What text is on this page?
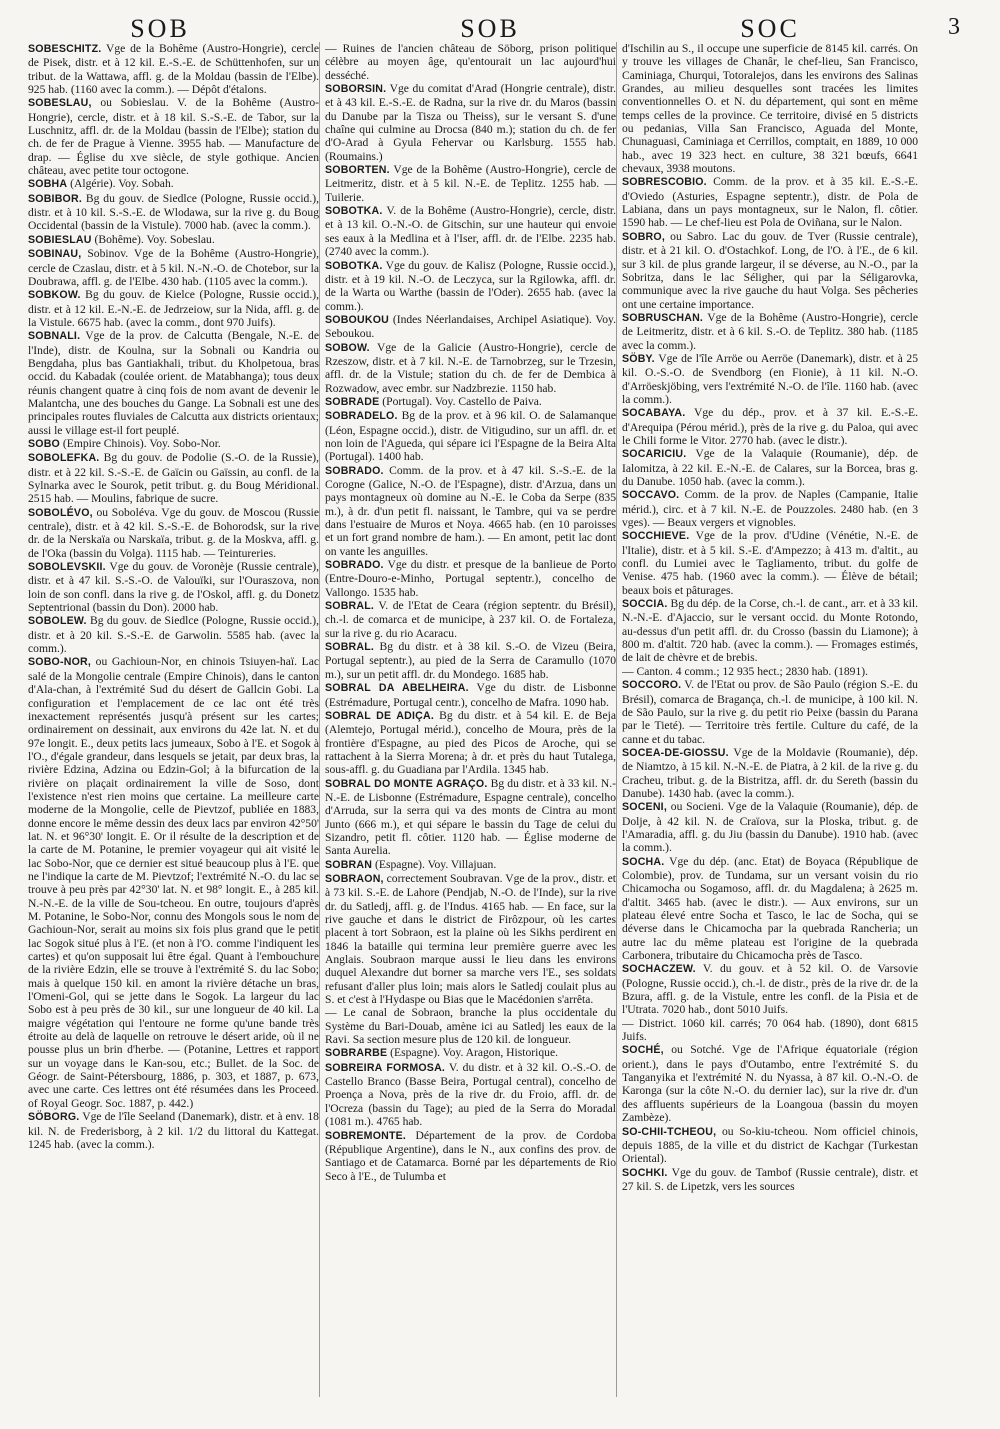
SOB	SOB	SOC	3

SOBESCHITZ. Vge de la Bohême (Austro-Hongrie), cercle de Pisek, distr. et à 12 kil. E.-S.-E. de Schüttenhofen, sur un tribut. de la Wattawa, affl. g. de la Moldau (bassin de l'Elbe). 925 hab. (1160 avec la comm.). — Dépôt d'étalons.

SOBESLAU, ou Sobieslau. V. de la Bohême (Austro-Hongrie), cercle, distr. et à 18 kil. S.-S.-E. de Tabor, sur la Luschnitz, affl. dr. de la Moldau (bassin de l'Elbe); station du ch. de fer de Prague à Vienne. 3955 hab. — Manufacture de drap. — Église du xve siècle, de style gothique. Ancien château, avec petite tour octogone.

SOBHA (Algérie). Voy. Sobah.

SOBIBOR. Bg du gouv. de Siedlce (Pologne, Russie occid.), distr. et à 10 kil. S.-S.-E. de Wlodawa, sur la rive g. du Boug Occidental (bassin de la Vistule). 7000 hab. (avec la comm.).

SOBIESLAU (Bohême). Voy. Sobeslau.

SOBINAU, Sobinov. Vge de la Bohême (Austro-Hongrie), cercle de Czaslau, distr. et à 5 kil. N.-N.-O. de Chotebor, sur la Doubrawa, affl. g. de l'Elbe. 430 hab. (1105 avec la comm.).

SOBKOW. Bg du gouv. de Kielce (Pologne, Russie occid.), distr. et à 12 kil. E.-N.-E. de Jedrzeiow, sur la Nida, affl. g. de la Vistule. 6675 hab. (avec la comm., dont 970 Juifs).

SOBNALI. Vge de la prov. de Calcutta (Bengale, N.-E. de l'Inde), distr. de Koulna, sur la Sobnali ou Kandria ou Bengdaha, plus bas Gantiakhali, tribut. du Kholpetoua, bras occid. du Kabadak (coulée orient. de Matabhanga); tous deux réunis changent quatre à cinq fois de nom avant de devenir le Malantcha, une des bouches du Gange. La Sobnali est une des principales routes fluviales de Calcutta aux districts orientaux; aussi le village est-il fort peuplé.

SOBO (Empire Chinois). Voy. Sobo-Nor.

SOBOLEFKA. Bg du gouv. de Podolie (S.-O. de la Russie), distr. et à 22 kil. S.-S.-E. de Gaïcin ou Gaïssin, au confl. de la Sylnarka avec le Sourok, petit tribut. g. du Boug Méridional. 2515 hab. — Moulins, fabrique de sucre.

SOBOLÉVO, ou Soboléva. Vge du gouv. de Moscou (Russie centrale), distr. et à 42 kil. S.-S.-E. de Bohorodsk, sur la rive dr. de la Nerskaïa ou Narskaïa, tribut. g. de la Moskva, affl. g. de l'Oka (bassin du Volga). 1115 hab. — Teintureries.

SOBOLEVSKII. Vge du gouv. de Voronèje (Russie centrale), distr. et à 47 kil. S.-S.-O. de Valouïki, sur l'Ouraszova, non loin de son confl. dans la rive g. de l'Oskol, affl. g. du Donetz Septentrional (bassin du Don). 2000 hab.

SOBOLEW. Bg du gouv. de Siedlce (Pologne, Russie occid.), distr. et à 20 kil. S.-S.-E. de Garwolin. 5585 hab. (avec la comm.).

SOBO-NOR, ou Gachioun-Nor, en chinois Tsiuyen-haï. Lac salé de la Mongolie centrale (Empire Chinois), dans le canton d'Ala-chan, à l'extrémité Sud du désert de Gallcin Gobi. La configuration et l'emplacement de ce lac ont été très inexactement représentés jusqu'à présent sur les cartes; ordinairement on dessinait, aux environs du 42e lat. N. et du 97e longit. E., deux petits lacs jumeaux, Sobo à l'E. et Sogok à l'O., d'égale grandeur, dans lesquels se jetait, par deux bras, la rivière Edzina, Adzina ou Edzin-Gol; à la bifurcation de la rivière on plaçait ordinairement la ville de Soso, dont l'existence n'est rien moins que certaine. La meilleure carte moderne de la Mongolie, celle de Pievtzof, publiée en 1883, donne encore le même dessin des deux lacs par environ 42°50' lat. N. et 96°30' longit. E. Or il résulte de la description et de la carte de M. Potanine, le premier voyageur qui ait visité le lac Sobo-Nor, que ce dernier est situé beaucoup plus à l'E. que ne l'indique la carte de M. Pievtzof; l'extrémité N.-O. du lac se trouve à peu près par 42°30' lat. N. et 98° longit. E., à 285 kil. N.-N.-E. de la ville de Sou-tcheou. En outre, toujours d'après M. Potanine, le Sobo-Nor, connu des Mongols sous le nom de Gachioun-Nor, serait au moins six fois plus grand que le petit lac Sogok situé plus à l'E. (et non à l'O. comme l'indiquent les cartes) et qu'on supposait lui être égal. Quant à l'embouchure de la rivière Edzin, elle se trouve à l'extrémité S. du lac Sobo; mais à quelque 150 kil. en amont la rivière détache un bras, l'Omeni-Gol, qui se jette dans le Sogok. La largeur du lac Sobo est à peu près de 30 kil., sur une longueur de 40 kil. La maigre végétation qui l'entoure ne forme qu'une bande très étroite au delà de laquelle on retrouve le désert aride, où il ne pousse plus un brin d'herbe. — (Potanine, Lettres et rapport sur un voyage dans le Kan-sou, etc.; Bullet. de la Soc. de Géogr. de Saint-Pétersbourg, 1886, p. 303, et 1887, p. 673, avec une carte. Ces lettres ont été résumées dans les Proceed. of Royal Geogr. Soc. 1887, p. 442.)

SÖBORG. Vge de l'île Seeland (Danemark), distr. et à env. 18 kil. N. de Frederisborg, à 2 kil. 1/2 du littoral du Kattegat. 1245 hab. (avec la comm.).

— Ruines de l'ancien château de Söborg, prison politique célèbre au moyen âge, qu'entourait un lac aujourd'hui desséché.

SOBORSIN. Vge du comitat d'Arad (Hongrie centrale), distr. et à 43 kil. E.-S.-E. de Radna, sur la rive dr. du Maros (bassin du Danube par la Tisza ou Theiss), sur le versant S. d'une chaîne qui culmine au Drocsa (840 m.); station du ch. de fer d'O-Arad à Gyula Fehervar ou Karlsburg. 1555 hab. (Roumains.)

SOBORTEN. Vge de la Bohême (Austro-Hongrie), cercle de Leitmeritz, distr. et à 5 kil. N.-E. de Teplitz. 1255 hab. — Tuilerie.

SOBOTKA. V. de la Bohême (Austro-Hongrie), cercle, distr. et à 13 kil. O.-N.-O. de Gitschin, sur une hauteur qui envoie ses eaux à la Medlina et à l'Iser, affl. dr. de l'Elbe. 2235 hab. (2740 avec la comm.).

SOBOTKA. Vge du gouv. de Kalisz (Pologne, Russie occid.), distr. et à 19 kil. N.-O. de Leczyca, sur la Rgilowka, affl. dr. de la Warta ou Warthe (bassin de l'Oder). 2655 hab. (avec la comm.).

SOBOUKOU (Indes Néerlandaises, Archipel Asiatique). Voy. Seboukou.

SOBOW. Vge de la Galicie (Austro-Hongrie), cercle de Rzeszow, distr. et à 7 kil. N.-E. de Tarnobrzeg, sur le Trzesin, affl. dr. de la Vistule; station du ch. de fer de Dembica à Rozwadow, avec embr. sur Nadzbrezie. 1150 hab.

SOBRADE (Portugal). Voy. Castello de Paiva.

SOBRADELO. Bg de la prov. et à 96 kil. O. de Salamanque (Léon, Espagne occid.), distr. de Vitigudino, sur un affl. dr. et non loin de l'Agueda, qui sépare ici l'Espagne de la Beira Alta (Portugal). 1400 hab.

SOBRADO. Comm. de la prov. et à 47 kil. S.-S.-E. de la Corogne (Galice, N.-O. de l'Espagne), distr. d'Arzua, dans un pays montagneux où domine au N.-E. le Coba da Serpe (835 m.), à dr. d'un petit fl. naissant, le Tambre, qui va se perdre dans l'estuaire de Muros et Noya. 4665 hab. (en 10 paroisses et un fort grand nombre de ham.). — En amont, petit lac dont on vante les anguilles.

SOBRADO. Vge du distr. et presque de la banlieue de Porto (Entre-Douro-e-Minho, Portugal septentr.), concelho de Vallongo. 1535 hab.

SOBRAL. V. de l'Etat de Ceara (région septentr. du Brésil), ch.-l. de comarca et de municipe, à 237 kil. O. de Fortaleza, sur la rive g. du rio Acaracu.

SOBRAL. Bg du distr. et à 38 kil. S.-O. de Vizeu (Beira, Portugal septentr.), au pied de la Serra de Caramullo (1070 m.), sur un petit affl. dr. du Mondego. 1685 hab.

SOBRAL DA ABELHEIRA. Vge du distr. de Lisbonne (Estrémadure, Portugal centr.), concelho de Mafra. 1090 hab.

SOBRAL DE ADIÇA. Bg du distr. et à 54 kil. E. de Beja (Alemtejo, Portugal mérid.), concelho de Moura, près de la frontière d'Espagne, au pied des Picos de Aroche, qui se rattachent à la Sierra Morena; à dr. et près du haut Tutalega, sous-affl. g. du Guadiana par l'Ardila. 1345 hab.

SOBRAL DO MONTE AGRAÇO. Bg du distr. et à 33 kil. N.-N.-E. de Lisbonne (Estrémadure, Espagne centrale), concelho d'Arruda, sur la serra qui va des monts de Cintra au mont Junto (666 m.), et qui sépare le bassin du Tage de celui du Sizandro, petit fl. côtier. 1120 hab. — Église moderne de Santa Aurelia.

SOBRAN (Espagne). Voy. Villajuan.

SOBRAON, correctement Soubravan. Vge de la prov., distr. et à 73 kil. S.-E. de Lahore (Pendjab, N.-O. de l'Inde), sur la rive dr. du Satledj, affl. g. de l'Indus. 4165 hab. — En face, sur la rive gauche et dans le district de Firôzpour, où les cartes placent à tort Sobraon, est la plaine où les Sikhs perdirent en 1846 la bataille qui termina leur première guerre avec les Anglais. Soubraon marque aussi le lieu dans les environs duquel Alexandre dut borner sa marche vers l'E., ses soldats refusant d'aller plus loin; mais alors le Satledj coulait plus au S. et c'est à l'Hydaspe ou Bias que le Macédonien s'arrêta.

— Le canal de Sobraon, branche la plus occidentale du Système du Bari-Douab, amène ici au Satledj les eaux de la Ravi. Sa section mesure plus de 120 kil. de longueur.

SOBRARBE (Espagne). Voy. Aragon, Historique.

SOBREIRA FORMOSA. V. du distr. et à 32 kil. O.-S.-O. de Castello Branco (Basse Beira, Portugal central), concelho de Proença a Nova, près de la rive dr. du Froio, affl. dr. de l'Ocreza (bassin du Tage); au pied de la Serra do Moradal (1081 m.). 4765 hab.

SOBREMONTE. Département de la prov. de Cordoba (République Argentine), dans le N., aux confins des prov. de Santiago et de Catamarca. Borné par les départements de Rio Seco à l'E., de Tulumba et

d'Ischilin au S., il occupe une superficie de 8145 kil. carrés. On y trouve les villages de Chanâr, le chef-lieu, San Francisco, Caminiaga, Churqui, Totoralejos, dans les environs des Salinas Grandes, au milieu desquelles sont tracées les limites conventionnelles O. et N. du département, qui sont en même temps celles de la province. Ce territoire, divisé en 5 districts ou pedanias, Villa San Francisco, Aguada del Monte, Chunaguasi, Caminiaga et Cerrillos, comptait, en 1889, 10 000 hab., avec 19 323 hect. en culture, 38 321 bœufs, 6641 chevaux, 3938 moutons.

SOBRESCOBIO. Comm. de la prov. et à 35 kil. E.-S.-E. d'Oviedo (Asturies, Espagne septentr.), distr. de Pola de Labiana, dans un pays montagneux, sur le Nalon, fl. côtier. 1590 hab. — Le chef-lieu est Pola de Oviñana, sur le Nalon.

SOBRO, ou Sabro. Lac du gouv. de Tver (Russie centrale), distr. et à 21 kil. O. d'Ostachkof. Long, de l'O. à l'E., de 6 kil. sur 3 kil. de plus grande largeur, il se déverse, au N.-O., par la Sobritza, dans le lac Séligher, qui par la Séligarovka, communique avec la rive gauche du haut Volga. Ses pêcheries ont une certaine importance.

SOBRUSCHAN. Vge de la Bohême (Austro-Hongrie), cercle de Leitmeritz, distr. et à 6 kil. S.-O. de Teplitz. 380 hab. (1185 avec la comm.).

SÖBY. Vge de l'île Arröe ou Aerröe (Danemark), distr. et à 25 kil. O.-S.-O. de Svendborg (en Fionie), à 11 kil. N.-O. d'Arröeskjöbing, vers l'extrémité N.-O. de l'île. 1160 hab. (avec la comm.).

SOCABAYA. Vge du dép., prov. et à 37 kil. E.-S.-E. d'Arequipa (Pérou mérid.), près de la rive g. du Paloa, qui avec le Chili forme le Vitor. 2770 hab. (avec le distr.).

SOCARICIU. Vge de la Valaquie (Roumanie), dép. de Ialomitza, à 22 kil. E.-N.-E. de Calares, sur la Borcea, bras g. du Danube. 1050 hab. (avec la comm.).

SOCCAVO. Comm. de la prov. de Naples (Campanie, Italie mérid.), circ. et à 7 kil. N.-E. de Pouzzoles. 2480 hab. (en 3 vges). — Beaux vergers et vignobles.

SOCCHIEVE. Vge de la prov. d'Udine (Vénétie, N.-E. de l'Italie), distr. et à 5 kil. S.-E. d'Ampezzo; à 413 m. d'altit., au confl. du Lumiei avec le Tagliamento, tribut. du golfe de Venise. 475 hab. (1960 avec la comm.). — Élève de bétail; beaux bois et pâturages.

SOCCIA. Bg du dép. de la Corse, ch.-l. de cant., arr. et à 33 kil. N.-N.-E. d'Ajaccio, sur le versant occid. du Monte Rotondo, au-dessus d'un petit affl. dr. du Crosso (bassin du Liamone); à 800 m. d'altit. 720 hab. (avec la comm.). — Fromages estimés, de lait de chèvre et de brebis.

— Canton. 4 comm.; 12 935 hect.; 2830 hab. (1891).

SOCCORO. V. de l'Etat ou prov. de São Paulo (région S.-E. du Brésil), comarca de Bragança, ch.-l. de municipe, à 100 kil. N. de São Paulo, sur la rive g. du petit rio Peixe (bassin du Parana par le Tieté). — Territoire très fertile. Culture du café, de la canne et du tabac.

SOCEA-DE-GIOSSU. Vge de la Moldavie (Roumanie), dép. de Niamtzo, à 15 kil. N.-N.-E. de Piatra, à 2 kil. de la rive g. du Cracheu, tribut. g. de la Bistritza, affl. dr. du Sereth (bassin du Danube). 1430 hab. (avec la comm.).

SOCENI, ou Socieni. Vge de la Valaquie (Roumanie), dép. de Dolje, à 42 kil. N. de Craïova, sur la Ploska, tribut. g. de l'Amaradia, affl. g. du Jiu (bassin du Danube). 1910 hab. (avec la comm.).

SOCHA. Vge du dép. (anc. Etat) de Boyaca (République de Colombie), prov. de Tundama, sur un versant voisin du rio Chicamocha ou Sogamoso, affl. dr. du Magdalena; à 2625 m. d'altit. 3465 hab. (avec le distr.). — Aux environs, sur un plateau élevé entre Socha et Tasco, le lac de Socha, qui se déverse dans le Chicamocha par la quebrada Rancheria; un autre lac du même plateau est l'origine de la quebrada Carbonera, tributaire du Chicamocha près de Tasco.

SOCHACZEW. V. du gouv. et à 52 kil. O. de Varsovie (Pologne, Russie occid.), ch.-l. de distr., près de la rive dr. de la Bzura, affl. g. de la Vistule, entre les confl. de la Pisia et de l'Utrata. 7020 hab., dont 5010 Juifs.

— District. 1060 kil. carrés; 70 064 hab. (1890), dont 6815 Juifs.

SOCHÉ, ou Sotché. Vge de l'Afrique équatoriale (région orient.), dans le pays d'Outambo, entre l'extrémité S. du Tanganyika et l'extrémité N. du Nyassa, à 87 kil. O.-N.-O. de Karonga (sur la côte N.-O. du dernier lac), sur la rive dr. d'un des affluents supérieurs de la Loangoua (bassin du moyen Zambèze).

SO-CHII-TCHEOU, ou So-kiu-tcheou. Nom officiel chinois, depuis 1885, de la ville et du district de Kachgar (Turkestan Oriental).

SOCHKI. Vge du gouv. de Tambof (Russie centrale), distr. et 27 kil. S. de Lipetzk, vers les sources
